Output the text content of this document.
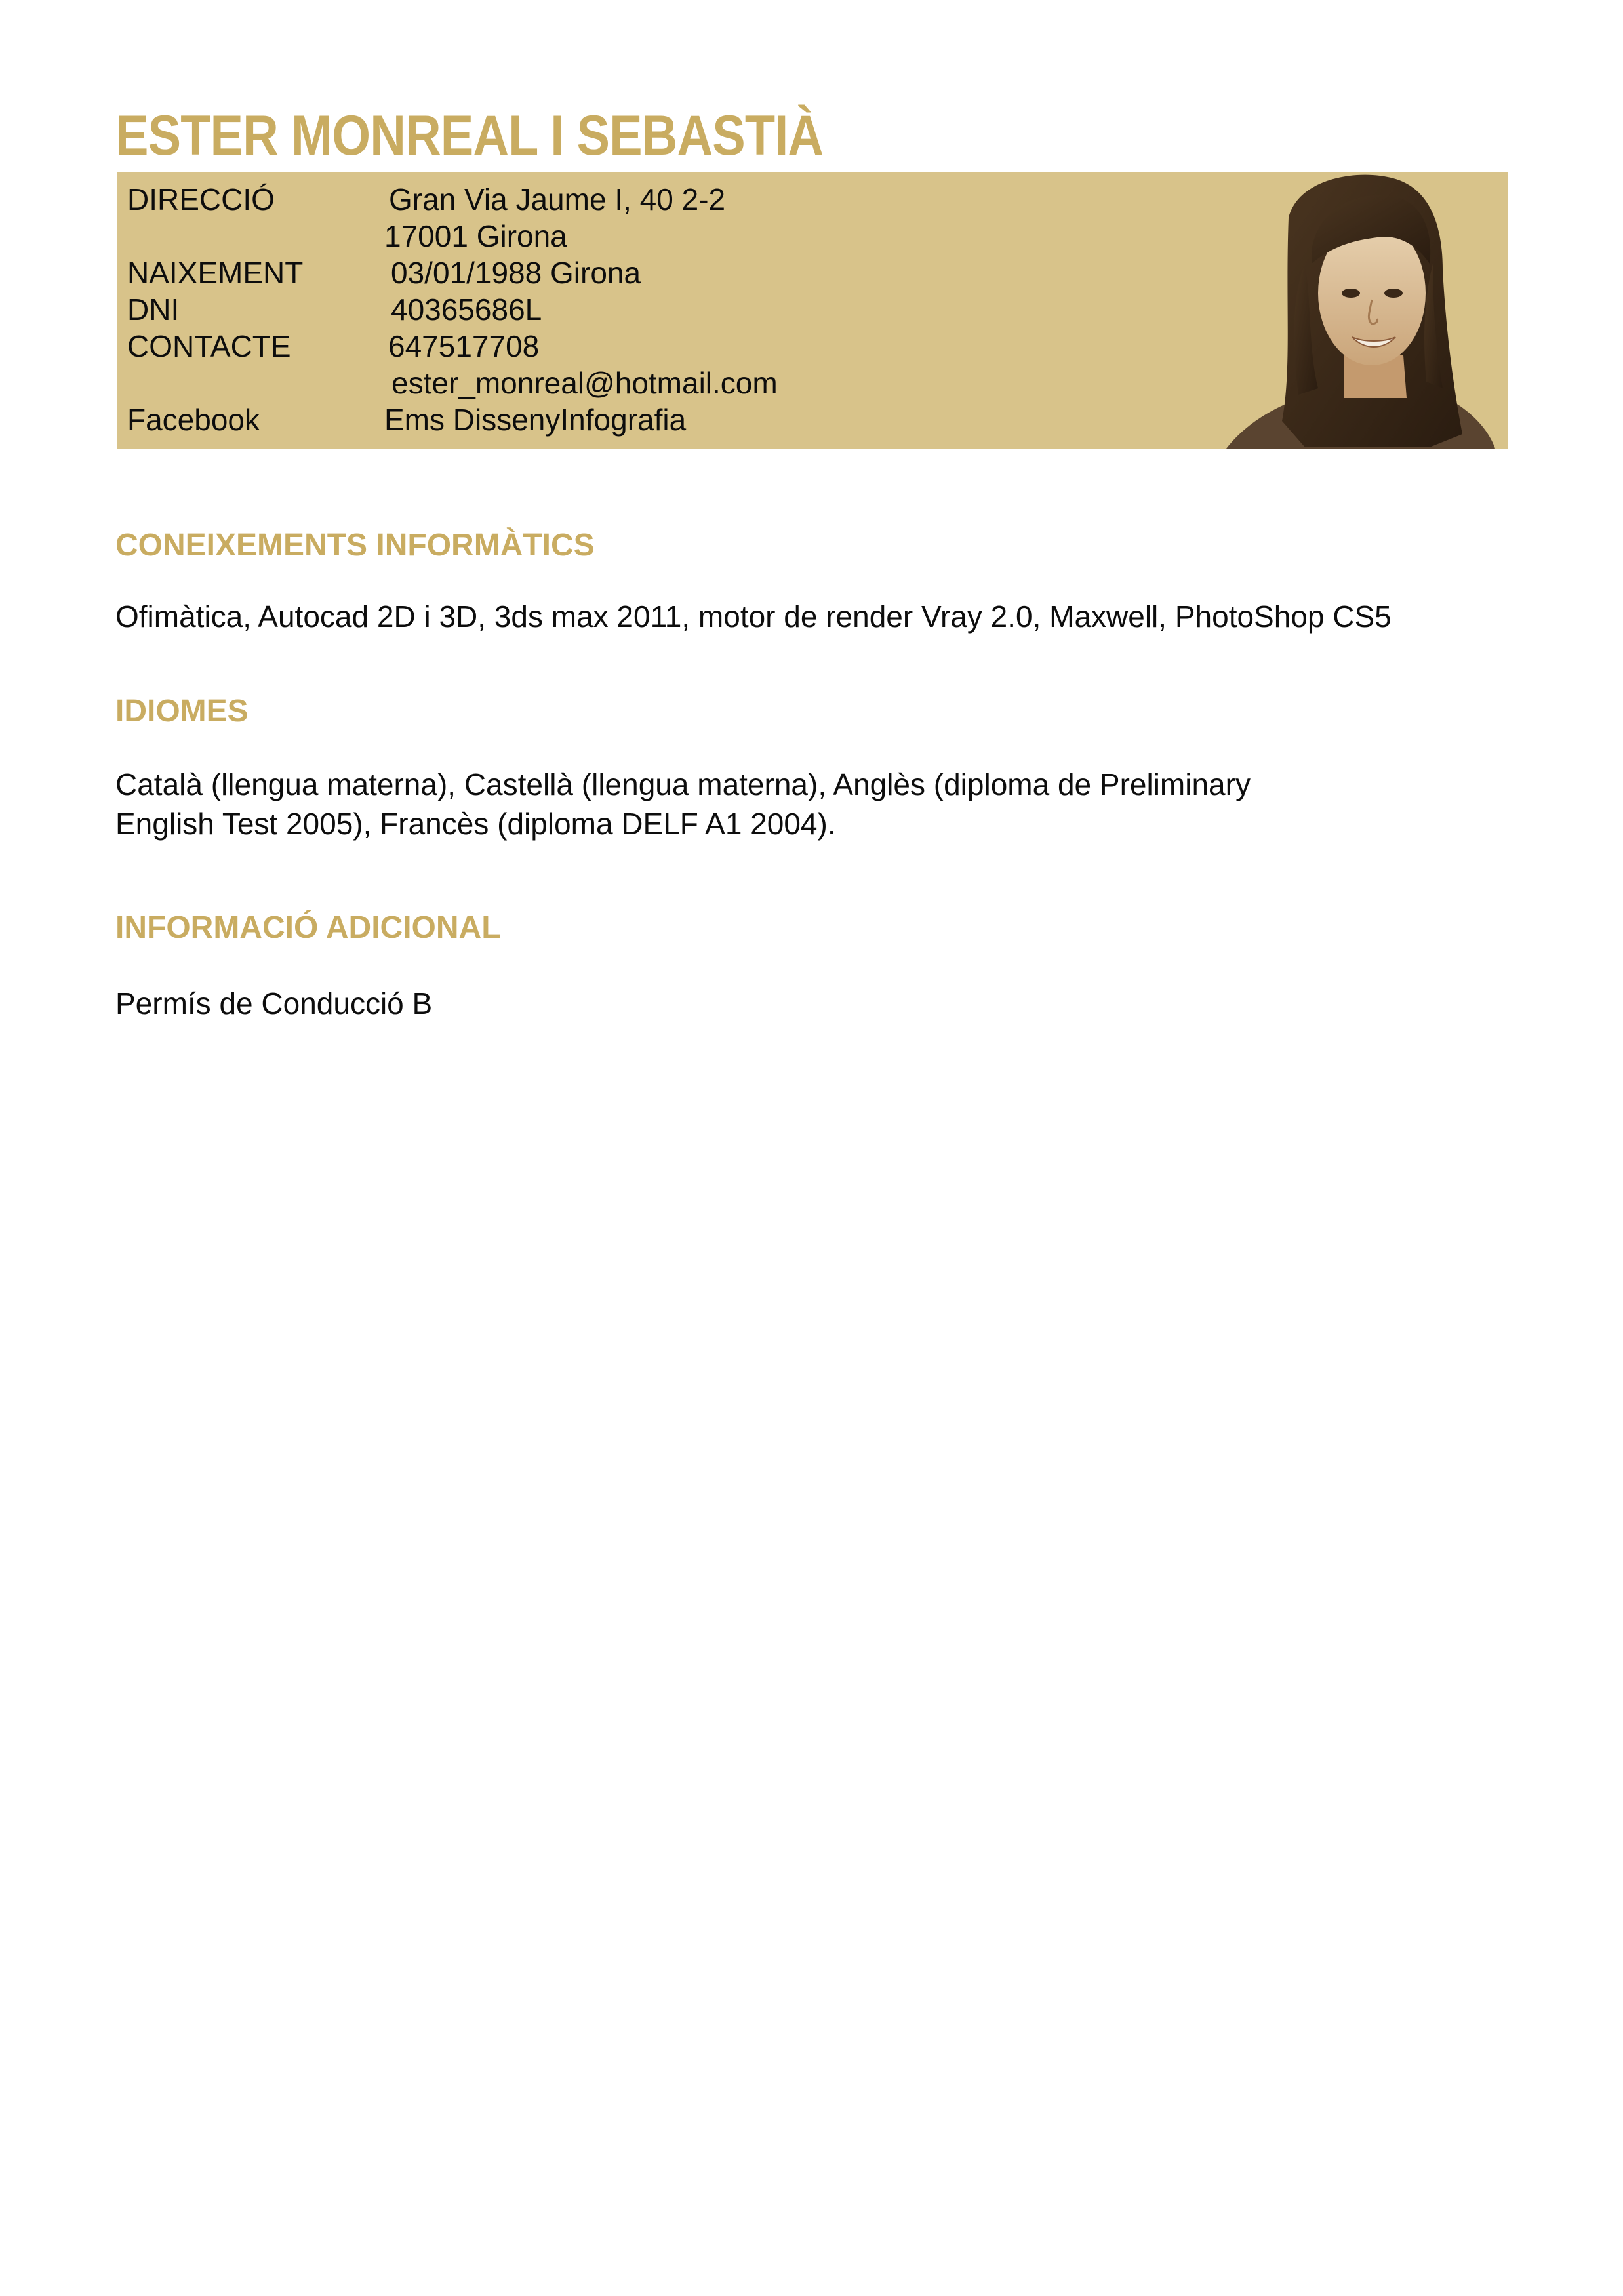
ESTER MONREAL I SEBASTIÀ
DIRECCIÓ	Gran Via Jaume I, 40 2-2
17001 Girona
NAIXEMENT	03/01/1988 Girona
DNI	40365686L
CONTACTE	647517708
ester_monreal@hotmail.com
Facebook	Ems DissenyInfografia
CONEIXEMENTS INFORMÀTICS

Ofimàtica, Autocad 2D i 3D, 3ds max 2011, motor de render Vray 2.0, Maxwell, PhotoShop CS5

IDIOMES

Català (llengua materna), Castellà (llengua materna), Anglès (diploma de Preliminary
English Test 2005), Francès (diploma DELF A1 2004).

INFORMACIÓ ADICIONAL

Permís de Conducció B
